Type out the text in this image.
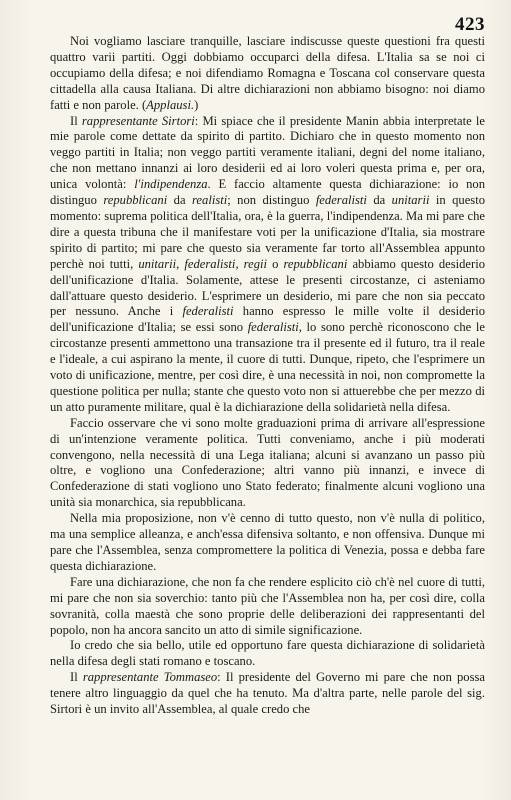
423

Noi vogliamo lasciare tranquille, lasciare indiscusse queste questioni fra questi quattro varii partiti. Oggi dobbiamo occuparci della difesa. L'Italia sa se noi ci occupiamo della difesa; e noi difendiamo Romagna e Toscana col conservare questa cittadella alla causa Italiana. Di altre dichiarazioni non abbiamo bisogno: noi diamo fatti e non parole. (Applausi.)

Il rappresentante Sirtori: Mi spiace che il presidente Manin abbia interpretate le mie parole come dettate da spirito di partito. Dichiaro che in questo momento non veggo partiti in Italia; non veggo partiti veramente italiani, degni del nome italiano, che non mettano innanzi ai loro desiderii ed ai loro voleri questa prima e, per ora, unica volontà: l'indipendenza. E faccio altamente questa dichiarazione: io non distinguo repubblicani da realisti; non distinguo federalisti da unitarii in questo momento: suprema politica dell'Italia, ora, è la guerra, l'indipendenza. Ma mi pare che dire a questa tribuna che il manifestare voti per la unificazione d'Italia, sia mostrare spirito di partito; mi pare che questo sia veramente far torto all'Assemblea appunto perchè noi tutti, unitarii, federalisti, regii o repubblicani abbiamo questo desiderio dell'unificazione d'Italia. Solamente, attese le presenti circostanze, ci asteniamo dall'attuare questo desiderio. L'esprimere un desiderio, mi pare che non sia peccato per nessuno. Anche i federalisti hanno espresso le mille volte il desiderio dell'unificazione d'Italia; se essi sono federalisti, lo sono perchè riconoscono che le circostanze presenti ammettono una transazione tra il presente ed il futuro, tra il reale e l'ideale, a cui aspirano la mente, il cuore di tutti. Dunque, ripeto, che l'esprimere un voto di unificazione, mentre, per così dire, è una necessità in noi, non compromette la questione politica per nulla; stante che questo voto non si attuerebbe che per mezzo di un atto puramente militare, qual è la dichiarazione della solidarietà nella difesa.

Faccio osservare che vi sono molte graduazioni prima di arrivare all'espressione di un'intenzione veramente politica. Tutti conveniamo, anche i più moderati convengono, nella necessità di una Lega italiana; alcuni si avanzano un passo più oltre, e vogliono una Confederazione; altri vanno più innanzi, e invece di Confederazione di stati vogliono uno Stato federato; finalmente alcuni vogliono una unità sia monarchica, sia repubblicana.

Nella mia proposizione, non v'è cenno di tutto questo, non v'è nulla di politico, ma una semplice alleanza, e anch'essa difensiva soltanto, e non offensiva. Dunque mi pare che l'Assemblea, senza compromettere la politica di Venezia, possa e debba fare questa dichiarazione.

Fare una dichiarazione, che non fa che rendere esplicito ciò ch'è nel cuore di tutti, mi pare che non sia soverchio: tanto più che l'Assemblea non ha, per così dire, colla sovranità, colla maestà che sono proprie delle deliberazioni dei rappresentanti del popolo, non ha ancora sancito un atto di simile significazione.

Io credo che sia bello, utile ed opportuno fare questa dichiarazione di solidarietà nella difesa degli stati romano e toscano.

Il rappresentante Tommaseo: Il presidente del Governo mi pare che non possa tenere altro linguaggio da quel che ha tenuto. Ma d'altra parte, nelle parole del sig. Sirtori è un invito all'Assemblea, al quale credo che
